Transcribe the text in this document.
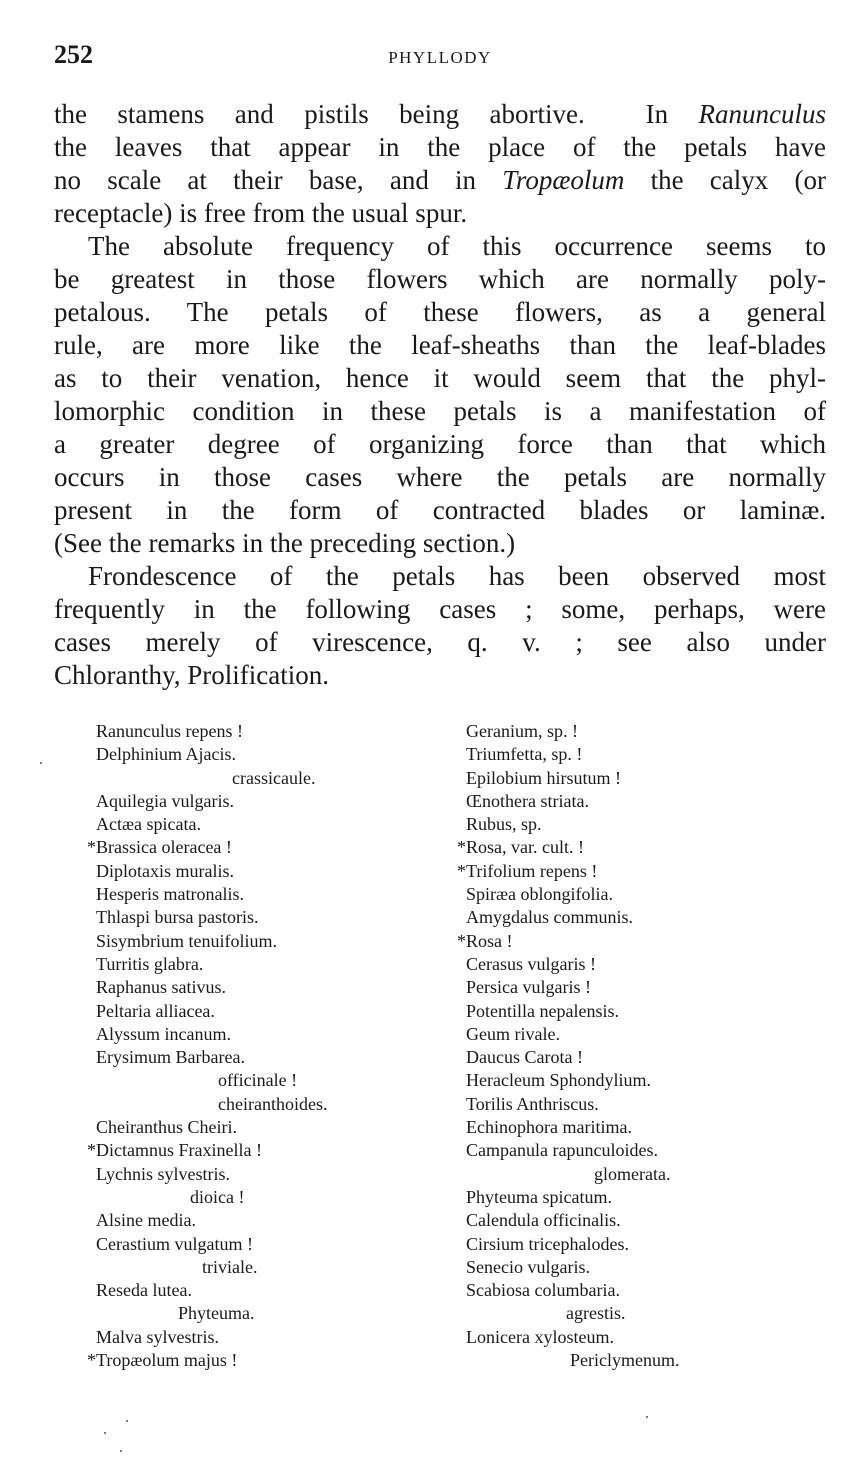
252	PHYLLODY
the stamens and pistils being abortive.  In Ranunculus
the leaves that appear in the place of the petals have
no scale at their base, and in Tropæolum the calyx (or
receptacle) is free from the usual spur.
The absolute frequency of this occurrence seems to
be greatest in those flowers which are normally poly-
petalous. The petals of these flowers, as a general
rule, are more like the leaf-sheaths than the leaf-blades
as to their venation, hence it would seem that the phyl-
lomorphic condition in these petals is a manifestation of
a greater degree of organizing force than that which
occurs in those cases where the petals are normally
present in the form of contracted blades or laminæ.
(See the remarks in the preceding section.)
Frondescence of the petals has been observed most
frequently in the following cases ; some, perhaps, were
cases merely of virescence, q. v. ; see also under
Chloranthy, Prolification.
Ranunculus repens !
Delphinium Ajacis.
crassicaule.
Aquilegia vulgaris.
Actæa spicata.
*Brassica oleracea !
Diplotaxis muralis.
Hesperis matronalis.
Thlaspi bursa pastoris.
Sisymbrium tenuifolium.
Turritis glabra.
Raphanus sativus.
Peltaria alliacea.
Alyssum incanum.
Erysimum Barbarea.
officinale !
cheiranthoides.
Cheiranthus Cheiri.
*Dictamnus Fraxinella !
Lychnis sylvestris.
dioica !
Alsine media.
Cerastium vulgatum !
triviale.
Reseda lutea.
Phyteuma.
Malva sylvestris.
*Tropæolum majus !
Geranium, sp. !
Triumfetta, sp. !
Epilobium hirsutum !
Œnothera striata.
Rubus, sp.
*Rosa, var. cult. !
*Trifolium repens !
Spiræa oblongifolia.
Amygdalus communis.
*Rosa !
Cerasus vulgaris !
Persica vulgaris !
Potentilla nepalensis.
Geum rivale.
Daucus Carota !
Heracleum Sphondylium.
Torilis Anthriscus.
Echinophora maritima.
Campanula rapunculoides.
glomerata.
Phyteuma spicatum.
Calendula officinalis.
Cirsium tricephalodes.
Senecio vulgaris.
Scabiosa columbaria.
agrestis.
Lonicera xylosteum.
Periclymenum.
